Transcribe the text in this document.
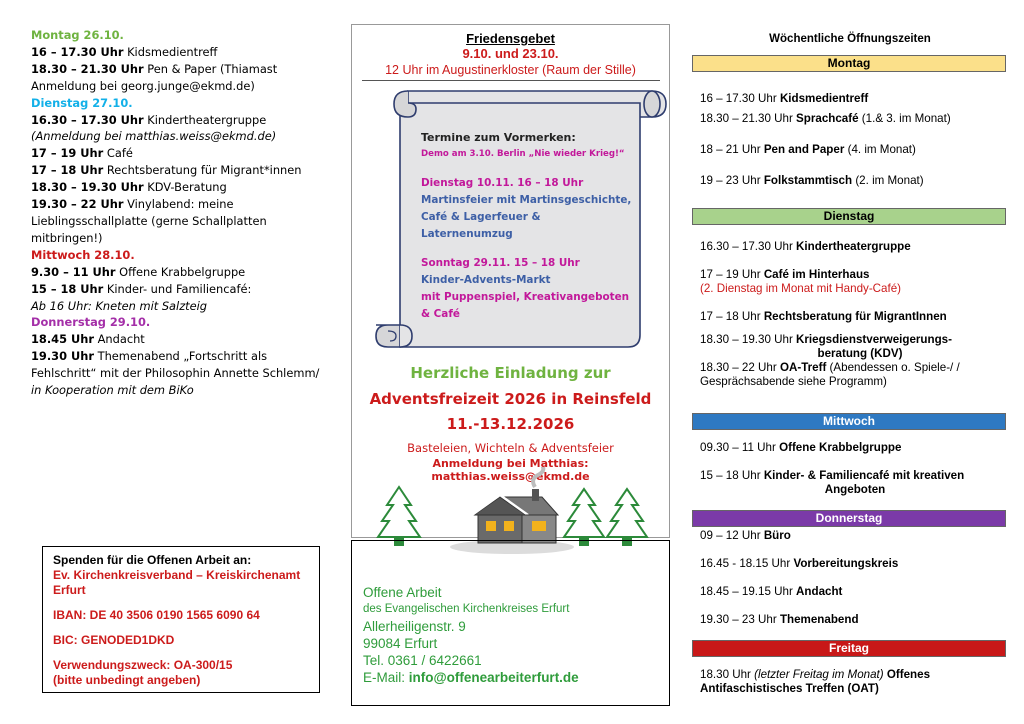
Montag 26.10.
16 – 17.30 Uhr Kidsmedientreff
18.30 – 21.30 Uhr Pen & Paper (Thiamast Anmeldung bei georg.junge@ekmd.de)
Dienstag 27.10.
16.30 – 17.30 Uhr Kindertheatergruppe
(Anmeldung bei matthias.weiss@ekmd.de)
17 – 19 Uhr Café
17 – 18 Uhr Rechtsberatung für Migrant*innen
18.30 – 19.30 Uhr KDV-Beratung
19.30 – 22 Uhr Vinylabend: meine Lieblingsschallplatte (gerne Schallplatten mitbringen!)
Mittwoch 28.10.
9.30 – 11 Uhr Offene Krabbelgruppe
15 – 18 Uhr Kinder- und Familiencafé:
Ab 16 Uhr: Kneten mit Salzteig
Donnerstag 29.10.
18.45 Uhr Andacht
19.30 Uhr Themenabend „Fortschritt als Fehlschritt“ mit der Philosophin Annette Schlemm/ in Kooperation mit dem BiKo
Spenden für die Offenen Arbeit an:
Ev. Kirchenkreisverband – Kreiskirchenamt Erfurt
IBAN: DE 40 3506 0190 1565 6090 64
BIC: GENODED1DKD
Verwendungszweck: OA-300/15
(bitte unbedingt angeben)
Friedensgebet
9.10. und 23.10.
12 Uhr im Augustinerkloster (Raum der Stille)
Termine zum Vormerken:
Demo am 3.10. Berlin „Nie wieder Krieg!“
Dienstag 10.11. 16 – 18 Uhr
Martinsfeier mit Martinsgeschichte, Café & Lagerfeuer & Laternenumzug
Sonntag 29.11. 15 – 18 Uhr
Kinder-Advents-Markt
mit Puppenspiel, Kreativangeboten & Café
Herzliche Einladung zur
Adventsfreizeit 2026 in Reinsfeld
11.-13.12.2026
Basteleien, Wichteln & Adventsfeier
Anmeldung bei Matthias: matthias.weiss@ekmd.de
Offene Arbeit
des Evangelischen Kirchenkreises Erfurt
Allerheiligenstr. 9
99084 Erfurt
Tel. 0361 / 6422661
E-Mail: info@offenearbeiterfurt.de
Wöchentliche Öffnungszeiten
Montag
16 – 17.30 Uhr Kidsmedientreff
18.30 – 21.30 Uhr Sprachcafé (1.& 3. im Monat)
18 – 21 Uhr Pen and Paper (4. im Monat)
19 – 23 Uhr Folkstammtisch (2. im Monat)
Dienstag
16.30 – 17.30 Uhr Kindertheatergruppe
17 – 19 Uhr Café im Hinterhaus
(2. Dienstag im Monat mit Handy-Café)
17 – 18 Uhr Rechtsberatung für MigrantInnen
18.30 – 19.30 Uhr Kriegsdienstverweigerungs-
beratung (KDV)
18.30 – 22 Uhr OA-Treff (Abendessen o. Spiele-/ / Gesprächsabende siehe Programm)
Mittwoch
09.30 – 11 Uhr Offene Krabbelgruppe
15 – 18 Uhr Kinder- & Familiencafé mit kreativen
Angeboten
Donnerstag
09 – 12 Uhr Büro
16.45 - 18.15 Uhr Vorbereitungskreis
18.45 – 19.15 Uhr Andacht
19.30 – 23 Uhr Themenabend
Freitag
18.30 Uhr (letzter Freitag im Monat) Offenes
Antifaschistisches Treffen (OAT)
